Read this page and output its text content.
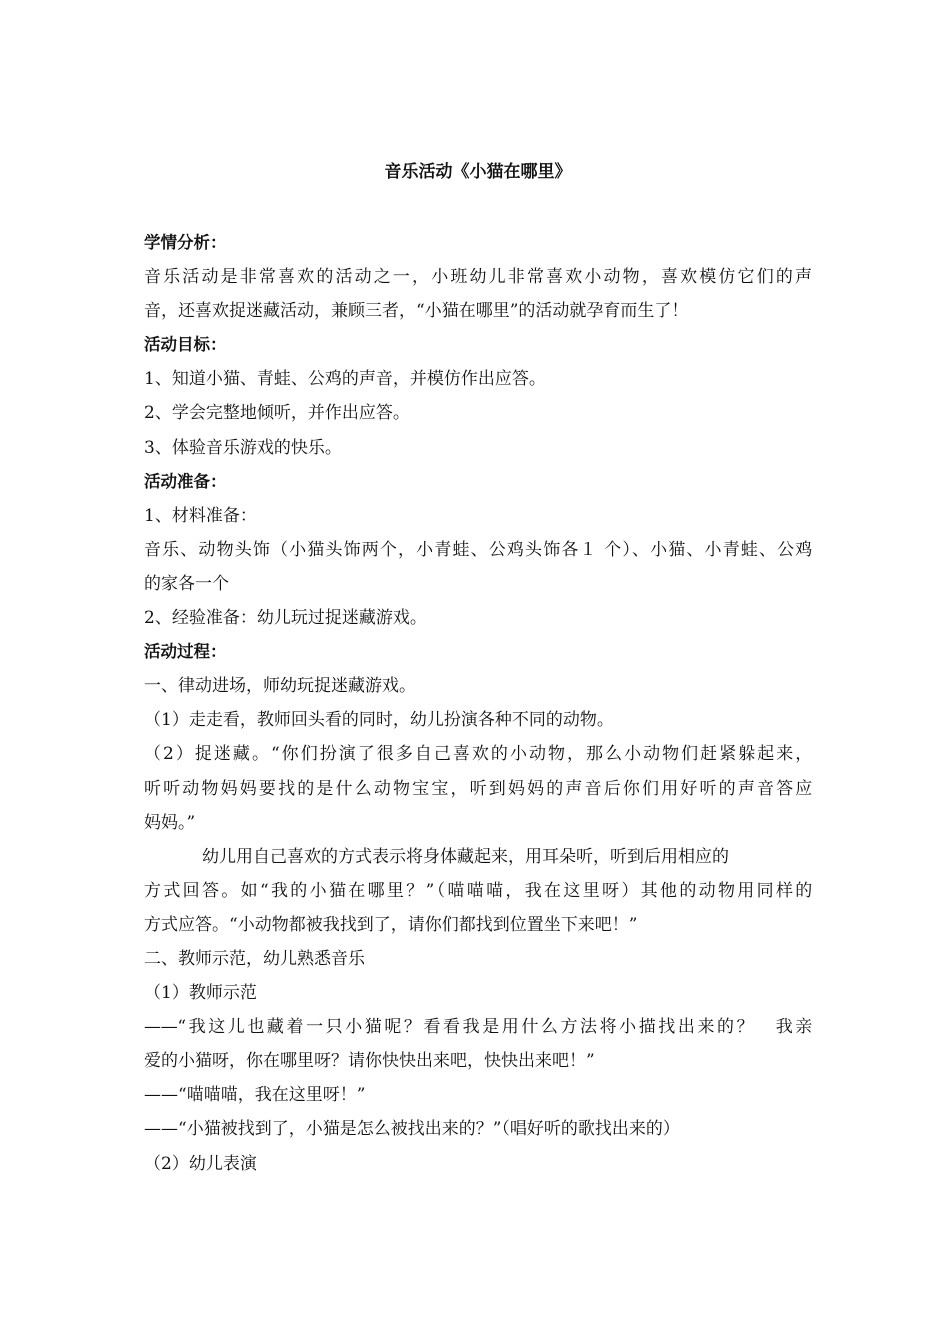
音乐活动《小猫在哪里》
学情分析：
音乐活动是非常喜欢的活动之一，小班幼儿非常喜欢小动物，喜欢模仿它们的声
音，还喜欢捉迷藏活动，兼顾三者，“小猫在哪里”的活动就孕育而生了！
活动目标：
1、知道小猫、青蛙、公鸡的声音，并模仿作出应答。
2、学会完整地倾听，并作出应答。
3、体验音乐游戏的快乐。
活动准备：
1、材料准备：
音乐、动物头饰（小猫头饰两个，小青蛙、公鸡头饰各１ 个）、小猫、小青蛙、公鸡
的家各一个
2、经验准备：幼儿玩过捉迷藏游戏。
活动过程：
一、律动进场，师幼玩捉迷藏游戏。
（1）走走看，教师回头看的同时，幼儿扮演各种不同的动物。
（2）捉迷藏。“你们扮演了很多自己喜欢的小动物，那么小动物们赶紧躲起来，
听听动物妈妈要找的是什么动物宝宝，听到妈妈的声音后你们用好听的声音答应
妈妈。”
幼儿用自己喜欢的方式表示将身体藏起来，用耳朵听，听到后用相应的
方式回答。如“我的小猫在哪里？”（喵喵喵，我在这里呀）其他的动物用同样的
方式应答。“小动物都被我找到了，请你们都找到位置坐下来吧！”
二、教师示范，幼儿熟悉音乐
（1）教师示范
——“我这儿也藏着一只小猫呢？看看我是用什么方法将小描找出来的？　我亲
爱的小猫呀，你在哪里呀？请你快快出来吧，快快出来吧！”
——“喵喵喵，我在这里呀！”
——“小猫被找到了，小猫是怎么被找出来的？”（唱好听的歌找出来的）
（2）幼儿表演
